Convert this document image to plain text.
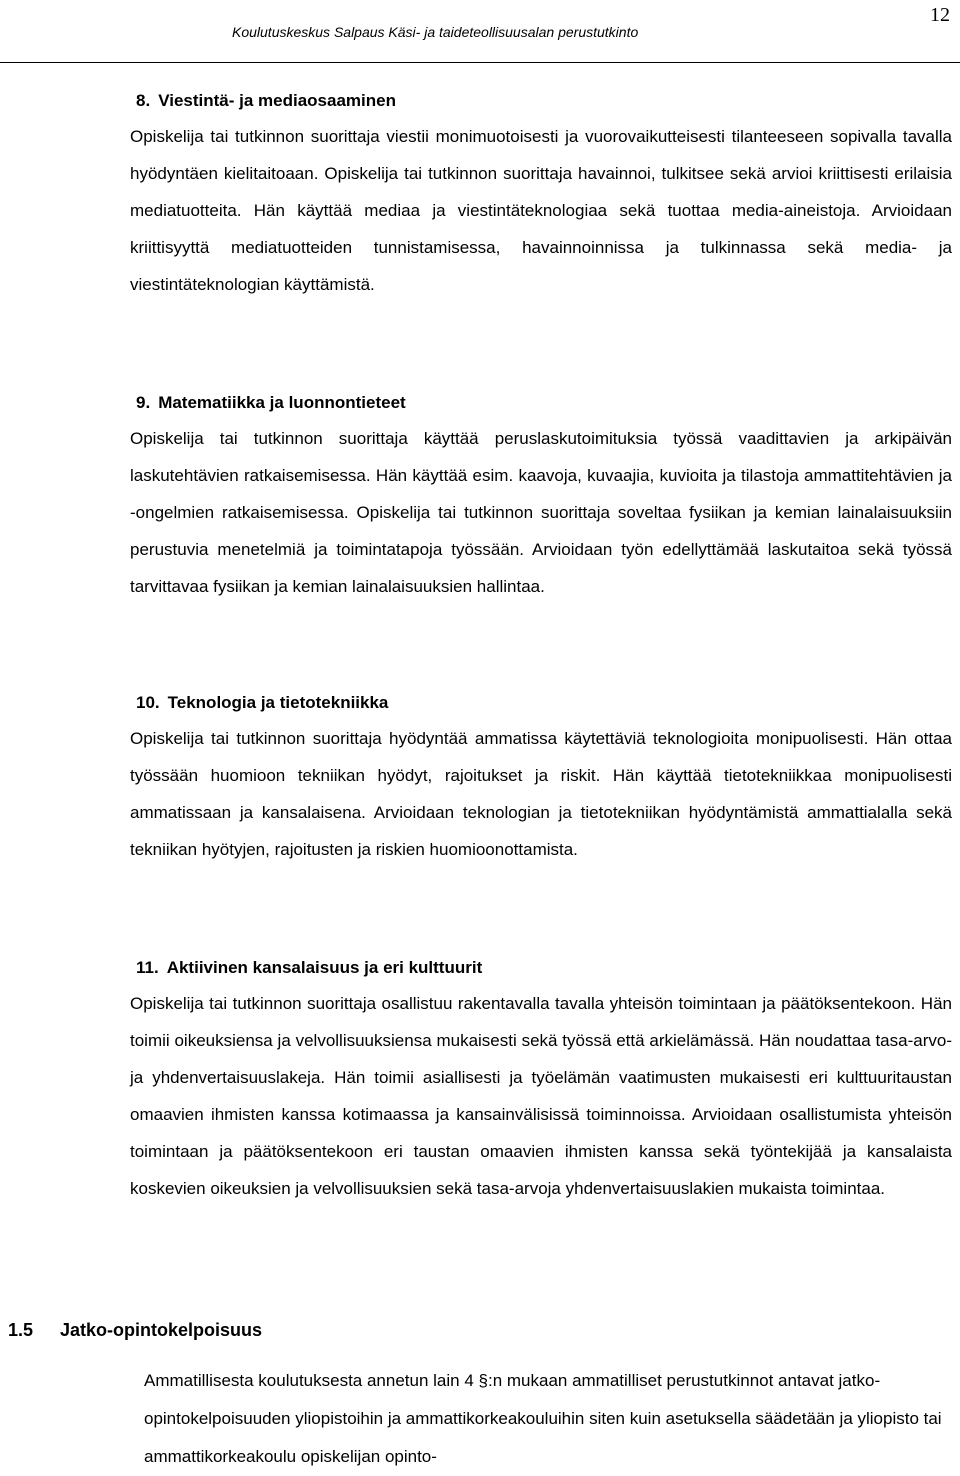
Koulutuskeskus Salpaus Käsi- ja taideteollisuusalan perustutkinto
12

8. Viestintä- ja mediaosaaminen

Opiskelija tai tutkinnon suorittaja viestii monimuotoisesti ja vuorovaikutteisesti tilanteeseen sopivalla tavalla hyödyntäen kielitaitoaan. Opiskelija tai tutkinnon suorittaja havainnoi, tulkitsee sekä arvioi kriittisesti erilaisia mediatuotteita. Hän käyttää mediaa ja viestintäteknologiaa sekä tuottaa media-aineistoja. Arvioidaan kriittisyyttä mediatuotteiden tunnistamisessa, havainnoinnissa ja tulkinnassa sekä media- ja viestintäteknologian käyttämistä.

9. Matematiikka ja luonnontieteet

Opiskelija tai tutkinnon suorittaja käyttää peruslaskutoimituksia työssä vaadittavien ja arkipäivän laskutehtävien ratkaisemisessa. Hän käyttää esim. kaavoja, kuvaajia, kuvioita ja tilastoja ammattitehtävien ja -ongelmien ratkaisemisessa. Opiskelija tai tutkinnon suorittaja soveltaa fysiikan ja kemian lainalaisuuksiin perustuvia menetelmiä ja toimintatapoja työssään. Arvioidaan työn edellyttämää laskutaitoa sekä työssä tarvittavaa fysiikan ja kemian lainalaisuuksien hallintaa.

10. Teknologia ja tietotekniikka

Opiskelija tai tutkinnon suorittaja hyödyntää ammatissa käytettäviä teknologioita monipuolisesti. Hän ottaa työssään huomioon tekniikan hyödyt, rajoitukset ja riskit. Hän käyttää tietotekniikkaa monipuolisesti ammatissaan ja kansalaisena. Arvioidaan teknologian ja tietotekniikan hyödyntämistä ammattialalla sekä tekniikan hyötyjen, rajoitusten ja riskien huomioonottamista.

11. Aktiivinen kansalaisuus ja eri kulttuurit

Opiskelija tai tutkinnon suorittaja osallistuu rakentavalla tavalla yhteisön toimintaan ja päätöksentekoon. Hän toimii oikeuksiensa ja velvollisuuksiensa mukaisesti sekä työssä että arkielämässä. Hän noudattaa tasa-arvo- ja yhdenvertaisuuslakeja. Hän toimii asiallisesti ja työelämän vaatimusten mukaisesti eri kulttuuritaustan omaavien ihmisten kanssa kotimaassa ja kansainvälisissä toiminnoissa. Arvioidaan osallistumista yhteisön toimintaan ja päätöksentekoon eri taustan omaavien ihmisten kanssa sekä työntekijää ja kansalaista koskevien oikeuksien ja velvollisuuksien sekä tasa-arvoja yhdenvertaisuuslakien mukaista toimintaa.

1.5 Jatko-opintokelpoisuus

Ammatillisesta koulutuksesta annetun lain 4 §:n mukaan ammatilliset perustutkinnot antavat jatko-opintokelpoisuuden yliopistoihin ja ammattikorkeakouluihin siten kuin asetuksella säädetään ja yliopisto tai ammattikorkeakoulu opiskelijan opinto-
